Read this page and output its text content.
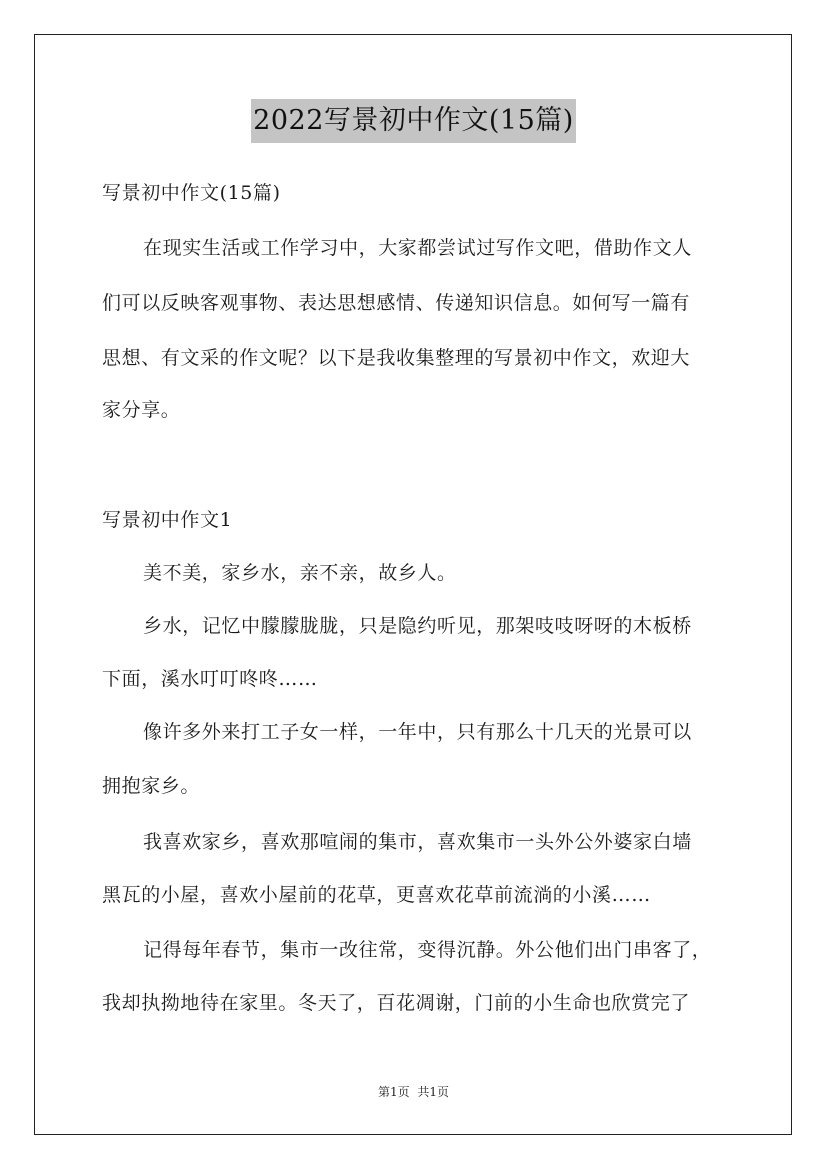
2022写景初中作文(15篇)
写景初中作文(15篇)
在现实生活或工作学习中，大家都尝试过写作文吧，借助作文人
们可以反映客观事物、表达思想感情、传递知识信息。如何写一篇有
思想、有文采的作文呢？以下是我收集整理的写景初中作文，欢迎大
家分享。
写景初中作文1
美不美，家乡水，亲不亲，故乡人。
乡水，记忆中朦朦胧胧，只是隐约听见，那架吱吱呀呀的木板桥
下面，溪水叮叮咚咚……
像许多外来打工子女一样，一年中，只有那么十几天的光景可以
拥抱家乡。
我喜欢家乡，喜欢那喧闹的集市，喜欢集市一头外公外婆家白墙
黑瓦的小屋，喜欢小屋前的花草，更喜欢花草前流淌的小溪……
记得每年春节，集市一改往常，变得沉静。外公他们出门串客了，
我却执拗地待在家里。冬天了，百花凋谢，门前的小生命也欣赏完了
第1页 共1页
